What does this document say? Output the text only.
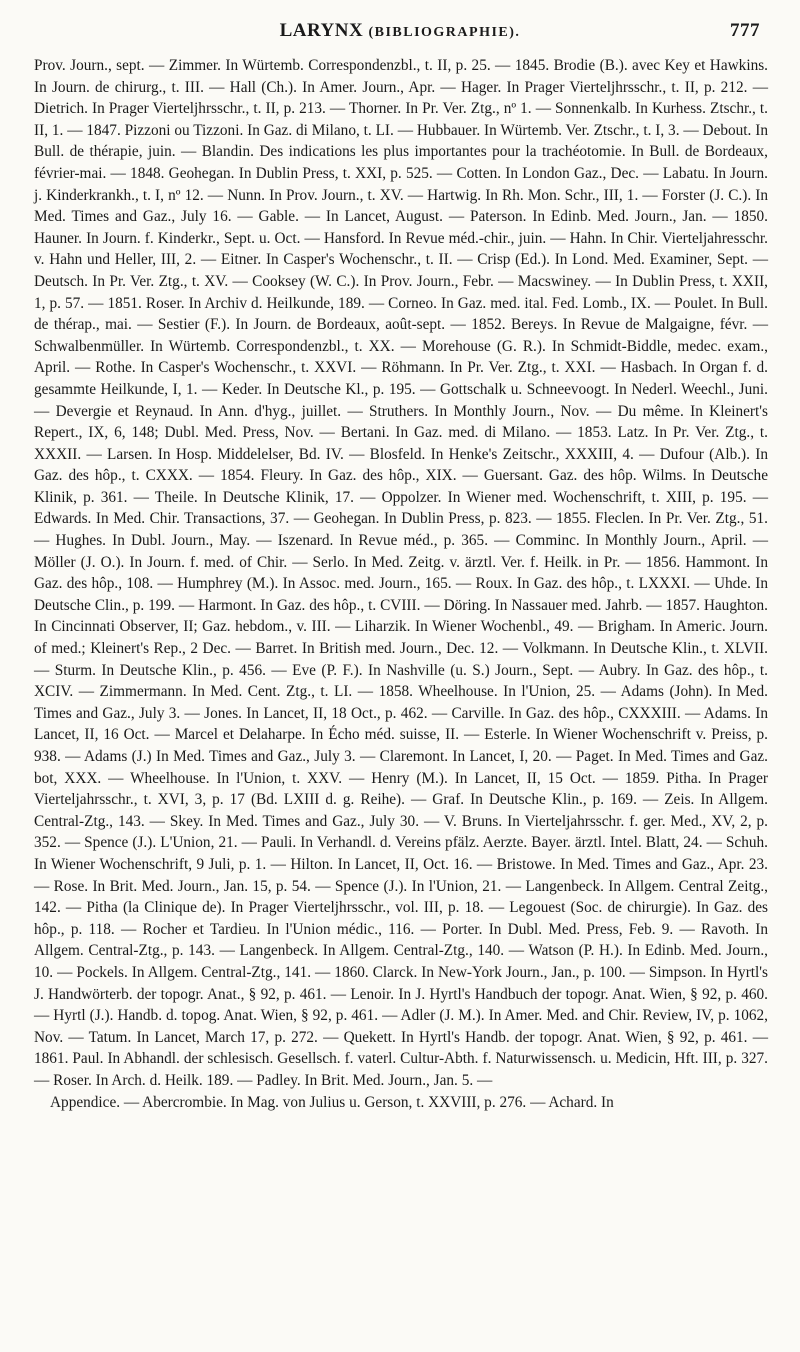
LARYNX (BIBLIOGRAPHIE).	777

Prov. Journ., sept. — Zimmer. In Würtemb. Correspondenzbl., t. II, p. 25. — 1845. Brodie (B.). avec Key et Hawkins. In Journ. de chirurg., t. III. — Hall (Ch.). In Amer. Journ., Apr. — Hager. In Prager Vierteljhrsschr., t. II, p. 212. — Dietrich. In Prager Vierteljhrsschr., t. II, p. 213. — Thorner. In Pr. Ver. Ztg., nº 1. — Sonnenkalb. In Kurhess. Ztschr., t. II, 1. — 1847. Pizzoni ou Tizzoni. In Gaz. di Milano, t. LI. — Hubbauer. In Würtemb. Ver. Ztschr., t. I, 3. — Debout. In Bull. de thérapie, juin. — Blandin. Des indications les plus importantes pour la trachéotomie. In Bull. de Bordeaux, février-mai. — 1848. Geohegan. In Dublin Press, t. XXI, p. 525. — Cotten. In London Gaz., Dec. — Labatu. In Journ. j. Kinderkrankh., t. I, nº 12. — Nunn. In Prov. Journ., t. XV. — Hartwig. In Rh. Mon. Schr., III, 1. — Forster (J. C.). In Med. Times and Gaz., July 16. — Gable. — In Lancet, August. — Paterson. In Edinb. Med. Journ., Jan. — 1850. Hauner. In Journ. f. Kinderkr., Sept. u. Oct. — Hansford. In Revue méd.-chir., juin. — Hahn. In Chir. Vierteljahresschr. v. Hahn und Heller, III, 2. — Eitner. In Casper's Wochenschr., t. II. — Crisp (Ed.). In Lond. Med. Examiner, Sept. — Deutsch. In Pr. Ver. Ztg., t. XV. — Cooksey (W. C.). In Prov. Journ., Febr. — Macswiney. — In Dublin Press, t. XXII, 1, p. 57. — 1851. Roser. In Archiv d. Heilkunde, 189. — Corneo. In Gaz. med. ital. Fed. Lomb., IX. — Poulet. In Bull. de thérap., mai. — Sestier (F.). In Journ. de Bordeaux, août-sept. — 1852. Bereys. In Revue de Malgaigne, févr. — Schwalbenmüller. In Würtemb. Correspondenzbl., t. XX. — Morehouse (G. R.). In Schmidt-Biddle, medec. exam., April. — Rothe. In Casper's Wochenschr., t. XXVI. — Röhmann. In Pr. Ver. Ztg., t. XXI. — Hasbach. In Organ f. d. gesammte Heilkunde, I, 1. — Keder. In Deutsche Kl., p. 195. — Gottschalk u. Schneevoogt. In Nederl. Weechl., Juni. — Devergie et Reynaud. In Ann. d'hyg., juillet. — Struthers. In Monthly Journ., Nov. — Du même. In Kleinert's Repert., IX, 6, 148; Dubl. Med. Press, Nov. — Bertani. In Gaz. med. di Milano. — 1853. Latz. In Pr. Ver. Ztg., t. XXXII. — Larsen. In Hosp. Middelelser, Bd. IV. — Blosfeld. In Henke's Zeitschr., XXXIII, 4. — Dufour (Alb.). In Gaz. des hôp., t. CXXX. — 1854. Fleury. In Gaz. des hôp., XIX. — Guersant. Gaz. des hôp. Wilms. In Deutsche Klinik, p. 361. — Theile. In Deutsche Klinik, 17. — Oppolzer. In Wiener med. Wochenschrift, t. XIII, p. 195. — Edwards. In Med. Chir. Transactions, 37. — Geohegan. In Dublin Press, p. 823. — 1855. Fleclen. In Pr. Ver. Ztg., 51. — Hughes. In Dubl. Journ., May. — Iszenard. In Revue méd., p. 365. — Comminc. In Monthly Journ., April. — Möller (J. O.). In Journ. f. med. of Chir. — Serlo. In Med. Zeitg. v. ärztl. Ver. f. Heilk. in Pr. — 1856. Hammont. In Gaz. des hôp., 108. — Humphrey (M.). In Assoc. med. Journ., 165. — Roux. In Gaz. des hôp., t. LXXXI. — Uhde. In Deutsche Clin., p. 199. — Harmont. In Gaz. des hôp., t. CVIII. — Döring. In Nassauer med. Jahrb. — 1857. Haughton. In Cincinnati Observer, II; Gaz. hebdom., v. III. — Liharzik. In Wiener Wochenbl., 49. — Brigham. In Americ. Journ. of med.; Kleinert's Rep., 2 Dec. — Barret. In British med. Journ., Dec. 12. — Volkmann. In Deutsche Klin., t. XLVII. — Sturm. In Deutsche Klin., p. 456. — Eve (P. F.). In Nashville (u. S.) Journ., Sept. — Aubry. In Gaz. des hôp., t. XCIV. — Zimmermann. In Med. Cent. Ztg., t. LI. — 1858. Wheelhouse. In l'Union, 25. — Adams (John). In Med. Times and Gaz., July 3. — Jones. In Lancet, II, 18 Oct., p. 462. — Carville. In Gaz. des hôp., CXXXIII. — Adams. In Lancet, II, 16 Oct. — Marcel et Delaharpe. In Écho méd. suisse, II. — Esterle. In Wiener Wochenschrift v. Preiss, p. 938. — Adams (J.) In Med. Times and Gaz., July 3. — Claremont. In Lancet, I, 20. — Paget. In Med. Times and Gaz. bot, XXX. — Wheelhouse. In l'Union, t. XXV. — Henry (M.). In Lancet, II, 15 Oct. — 1859. Pitha. In Prager Vierteljahrsschr., t. XVI, 3, p. 17 (Bd. LXIII d. g. Reihe). — Graf. In Deutsche Klin., p. 169. — Zeis. In Allgem. Central-Ztg., 143. — Skey. In Med. Times and Gaz., July 30. — V. Bruns. In Vierteljahrsschr. f. ger. Med., XV, 2, p. 352. — Spence (J.). L'Union, 21. — Pauli. In Verhandl. d. Vereins pfälz. Aerzte. Bayer. ärztl. Intel. Blatt, 24. — Schuh. In Wiener Wochenschrift, 9 Juli, p. 1. — Hilton. In Lancet, II, Oct. 16. — Bristowe. In Med. Times and Gaz., Apr. 23. — Rose. In Brit. Med. Journ., Jan. 15, p. 54. — Spence (J.). In l'Union, 21. — Langenbeck. In Allgem. Central Zeitg., 142. — Pitha (la Clinique de). In Prager Vierteljhrsschr., vol. III, p. 18. — Legouest (Soc. de chirurgie). In Gaz. des hôp., p. 118. — Rocher et Tardieu. In l'Union médic., 116. — Porter. In Dubl. Med. Press, Feb. 9. — Ravoth. In Allgem. Central-Ztg., p. 143. — Langenbeck. In Allgem. Central-Ztg., 140. — Watson (P. H.). In Edinb. Med. Journ., 10. — Pockels. In Allgem. Central-Ztg., 141. — 1860. Clarck. In New-York Journ., Jan., p. 100. — Simpson. In Hyrtl's J. Handwörterb. der topogr. Anat., § 92, p. 461. — Lenoir. In J. Hyrtl's Handbuch der topogr. Anat. Wien, § 92, p. 460. — Hyrtl (J.). Handb. d. topog. Anat. Wien, § 92, p. 461. — Adler (J. M.). In Amer. Med. and Chir. Review, IV, p. 1062, Nov. — Tatum. In Lancet, March 17, p. 272. — Quekett. In Hyrtl's Handb. der topogr. Anat. Wien, § 92, p. 461. — 1861. Paul. In Abhandl. der schlesisch. Gesellsch. f. vaterl. Cultur-Abth. f. Naturwissensch. u. Medicin, Hft. III, p. 327. — Roser. In Arch. d. Heilk. 189. — Padley. In Brit. Med. Journ., Jan. 5. —

Appendice. — Abercrombie. In Mag. von Julius u. Gerson, t. XXVIII, p. 276. — Achard. In
